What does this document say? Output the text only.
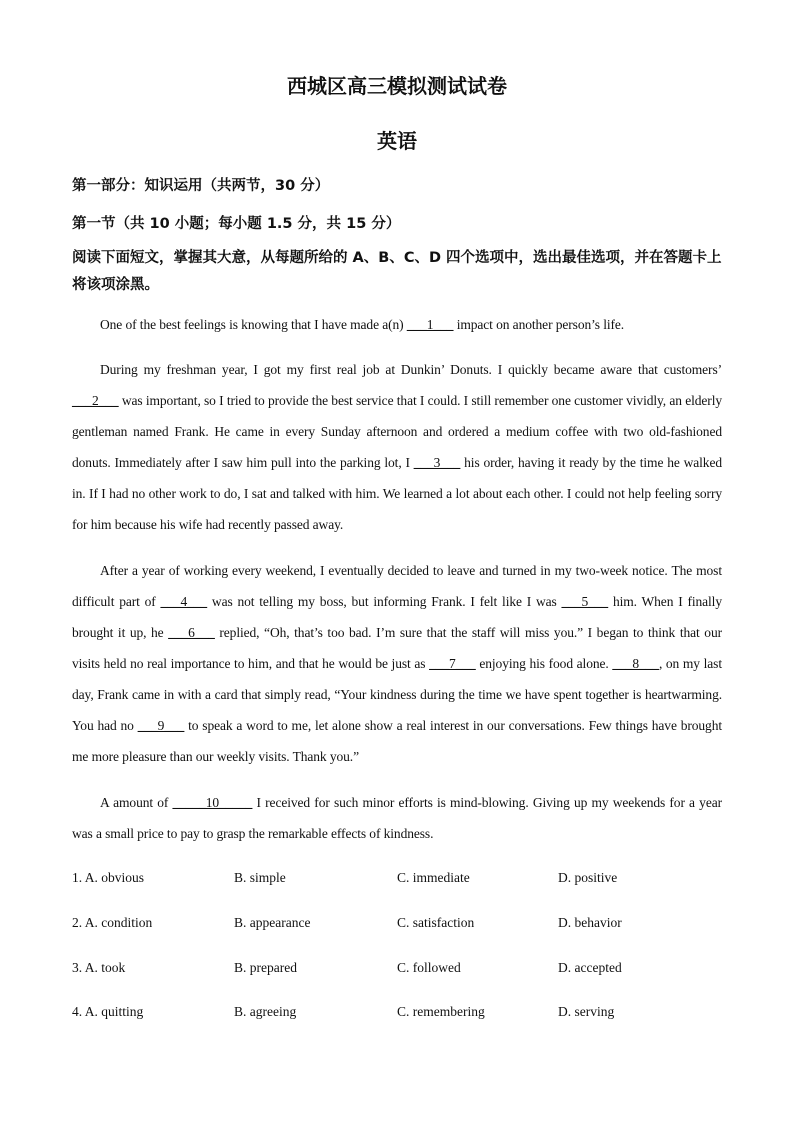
西城区高三模拟测试试卷
英语
第一部分：知识运用（共两节，30 分）
第一节（共 10 小题；每小题 1.5 分，共 15 分）
阅读下面短文，掌握其大意，从每题所给的 A、B、C、D 四个选项中，选出最佳选项，并在答题卡上将该项涂黑。
One of the best feelings is knowing that I have made a(n) ___1___ impact on another person’s life.
During my freshman year, I got my first real job at Dunkin’ Donuts. I quickly became aware that customers’ ___2___ was important, so I tried to provide the best service that I could. I still remember one customer vividly, an elderly gentleman named Frank. He came in every Sunday afternoon and ordered a medium coffee with two old-fashioned donuts. Immediately after I saw him pull into the parking lot, I ___3___ his order, having it ready by the time he walked in. If I had no other work to do, I sat and talked with him. We learned a lot about each other. I could not help feeling sorry for him because his wife had recently passed away.
After a year of working every weekend, I eventually decided to leave and turned in my two-week notice. The most difficult part of ___4___ was not telling my boss, but informing Frank. I felt like I was ___5___ him. When I finally brought it up, he ___6___ replied, “Oh, that’s too bad. I’m sure that the staff will miss you.” I began to think that our visits held no real importance to him, and that he would be just as ___7___ enjoying his food alone. ___8___, on my last day, Frank came in with a card that simply read, “Your kindness during the time we have spent together is heartwarming. You had no ___9___ to speak a word to me, let alone show a real interest in our conversations. Few things have brought me more pleasure than our weekly visits. Thank you.”
A amount of _____10_____ I received for such minor efforts is mind-blowing. Giving up my weekends for a year was a small price to pay to grasp the remarkable effects of kindness.
1. A. obvious	B. simple	C. immediate	D. positive
2. A. condition	B. appearance	C. satisfaction	D. behavior
3. A. took	B. prepared	C. followed	D. accepted
4. A. quitting	B. agreeing	C. remembering	D. serving
